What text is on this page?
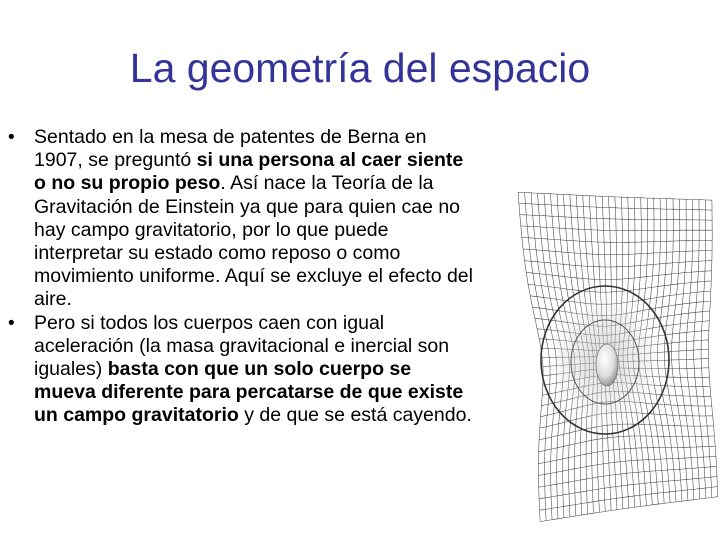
La geometría del espacio
• Sentado en la mesa de patentes de Berna en 1907, se preguntó si una persona al caer siente o no su propio peso. Así nace la Teoría de la Gravitación de Einstein ya que para quien cae no hay campo gravitatorio, por lo que puede interpretar su estado como reposo o como movimiento uniforme. Aquí se excluye el efecto del aire.
• Pero si todos los cuerpos caen con igual aceleración (la masa gravitacional e inercial son iguales) basta con que un solo cuerpo se mueva diferente para percatarse de que existe un campo gravitatorio y de que se está cayendo.
